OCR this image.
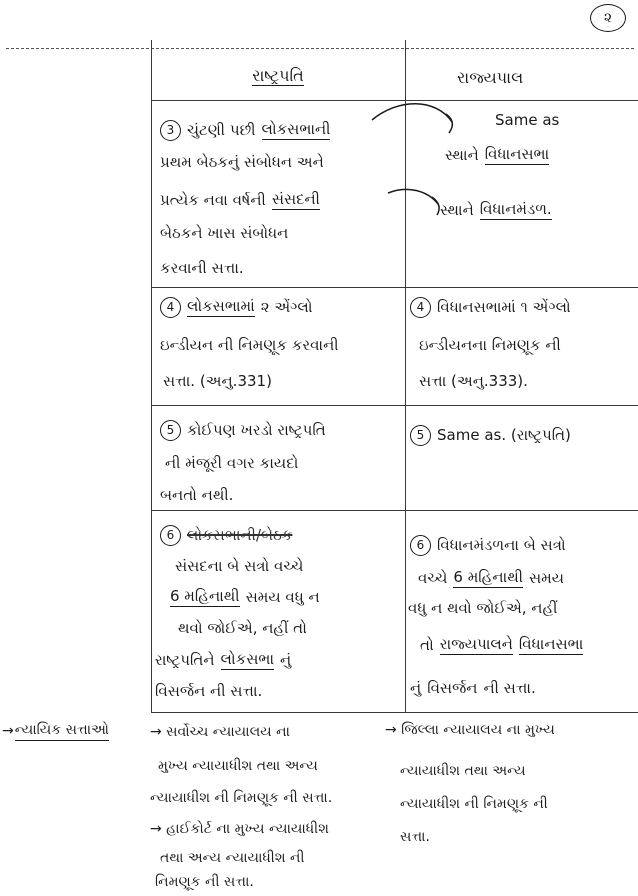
૨
રાષ્ટ્રપતિ
3 ચુંટણી પછી લોકસભાની
પ્રથમ બેઠકનું સંબોધન અને
પ્રત્યેક નવા વર્ષની સંસદની
બેઠકને ખાસ સંબોધન
કરવાની સત્તા.
4 લોકસભામાં ૨ એંગ્લો
ઇન્ડીયન ની નિમણૂક કરવાની
સત્તા. (અનુ.331)
5 કોઈપણ ખરડો રાષ્ટ્રપતિ
ની મંજૂરી વગર કાયદો
બનતો નથી.
6 લોકસભાની/બેઠક
સંસદના બે સત્રો વચ્ચે
6 મહિનાથી સમય વધુ ન
થવો જોઈએ, નહીં તો
રાષ્ટ્રપતિને લોકસભા નું
વિસર્જન ની સત્તા.
રાજ્યપાલ
Same as
સ્થાને વિધાનસભા
સ્થાને વિધાનમંડળ.
4 વિધાનસભામાં ૧ એંગ્લો
ઇન્ડીયનના નિમણૂક ની
સત્તા (અનુ.333).
5 Same as. (રાષ્ટ્રપતિ)
6 વિધાનમંડળના બે સત્રો
વચ્ચે 6 મહિનાથી સમય
વધુ ન થવો જોઈએ, નહીં
તો રાજ્યપાલને વિધાનસભા
નું વિસર્જન ની સત્તા.
→ ન્યાયિક સત્તાઓ	→ સર્વોચ્ચ ન્યાયાલય ના
મુખ્ય ન્યાયાધીશ તથા અન્ય
ન્યાયાધીશ ની નિમણૂક ની સત્તા.
→ હાઈકોર્ટ ના મુખ્ય ન્યાયાધીશ
તથા અન્ય ન્યાયાધીશ ની
નિમણૂક ની સત્તા.
→ જિલ્લા ન્યાયાલય ના મુખ્ય
ન્યાયાધીશ તથા અન્ય
ન્યાયાધીશ ની નિમણૂક ની
સત્તા.
